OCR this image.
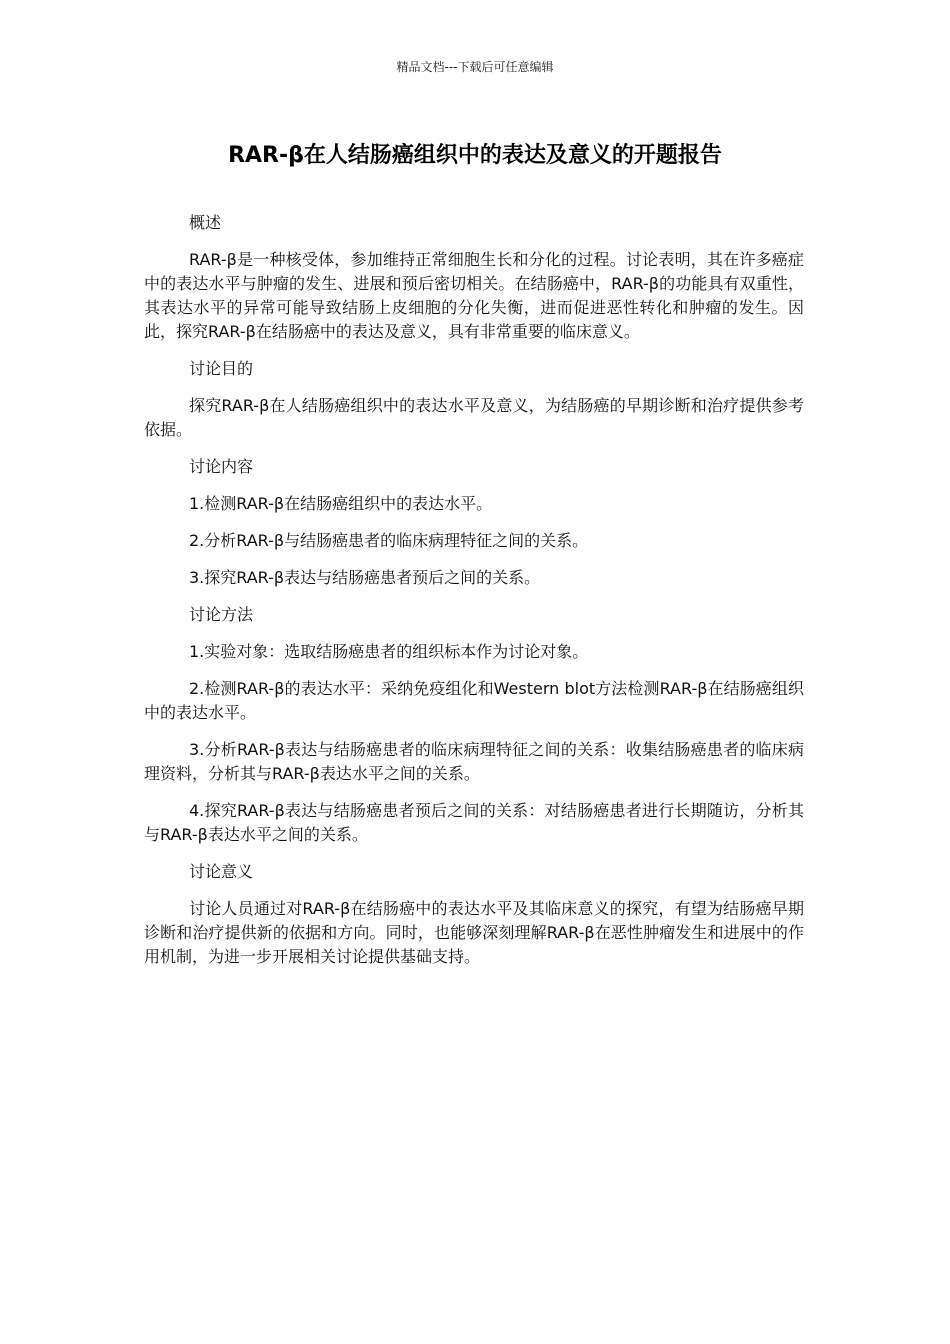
精品文档---下载后可任意编辑
RAR-β在人结肠癌组织中的表达及意义的开题报告

概述

RAR-β是一种核受体，参加维持正常细胞生长和分化的过程。讨论表明，其在许多癌症中的表达水平与肿瘤的发生、进展和预后密切相关。在结肠癌中，RAR-β的功能具有双重性，其表达水平的异常可能导致结肠上皮细胞的分化失衡，进而促进恶性转化和肿瘤的发生。因此，探究RAR-β在结肠癌中的表达及意义，具有非常重要的临床意义。

讨论目的

探究RAR-β在人结肠癌组织中的表达水平及意义，为结肠癌的早期诊断和治疗提供参考依据。

讨论内容

1.检测RAR-β在结肠癌组织中的表达水平。

2.分析RAR-β与结肠癌患者的临床病理特征之间的关系。

3.探究RAR-β表达与结肠癌患者预后之间的关系。

讨论方法

1.实验对象：选取结肠癌患者的组织标本作为讨论对象。

2.检测RAR-β的表达水平：采纳免疫组化和Western blot方法检测RAR-β在结肠癌组织中的表达水平。

3.分析RAR-β表达与结肠癌患者的临床病理特征之间的关系：收集结肠癌患者的临床病理资料，分析其与RAR-β表达水平之间的关系。

4.探究RAR-β表达与结肠癌患者预后之间的关系：对结肠癌患者进行长期随访，分析其与RAR-β表达水平之间的关系。

讨论意义

讨论人员通过对RAR-β在结肠癌中的表达水平及其临床意义的探究，有望为结肠癌早期诊断和治疗提供新的依据和方向。同时，也能够深刻理解RAR-β在恶性肿瘤发生和进展中的作用机制，为进一步开展相关讨论提供基础支持。
